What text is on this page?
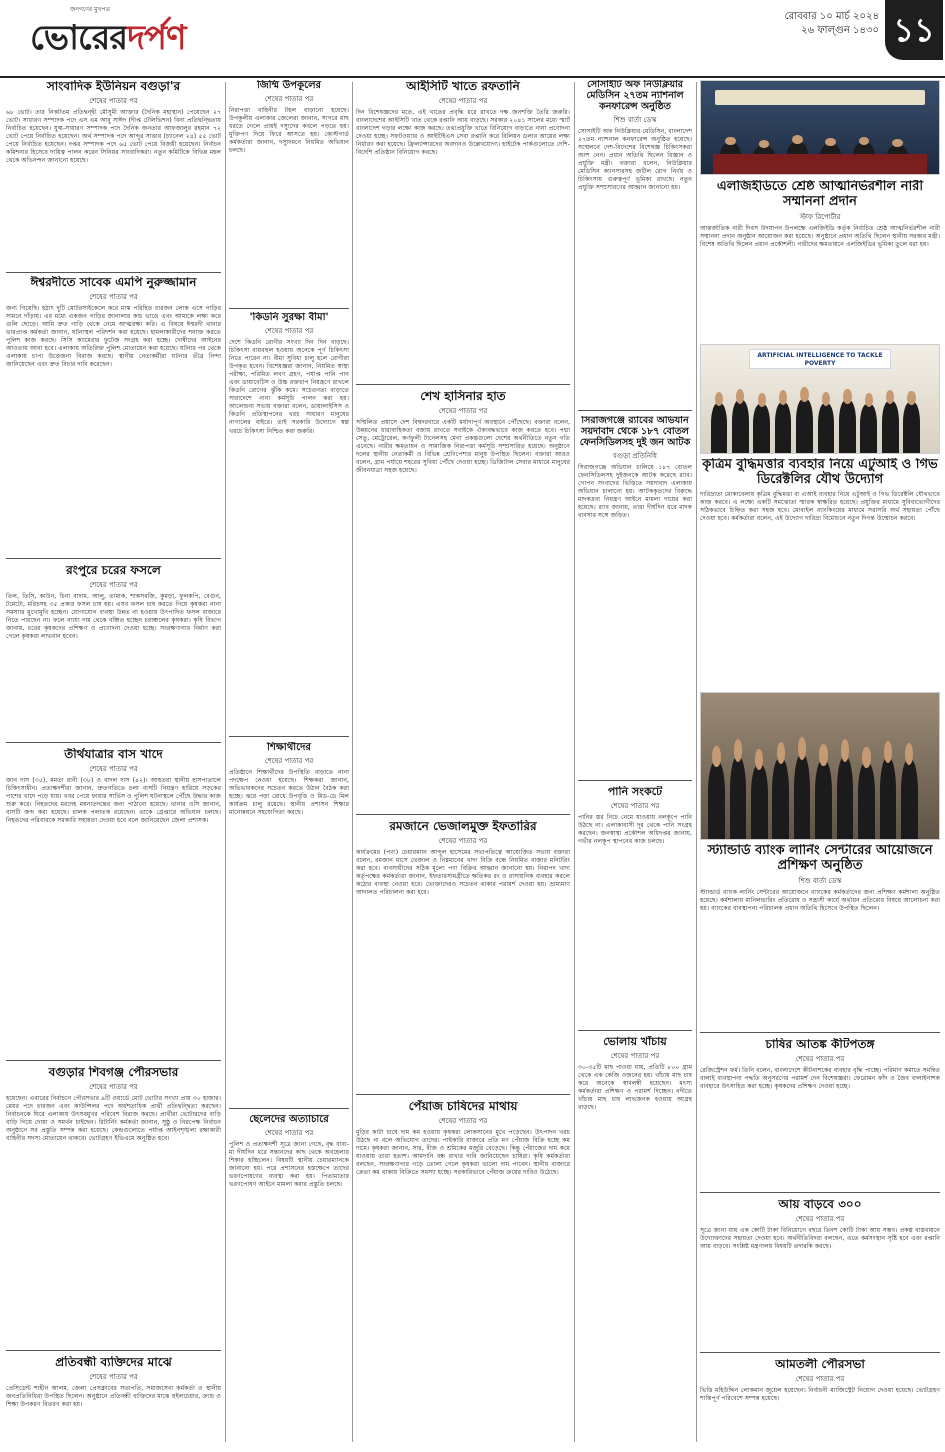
জনগণের মুখপত্র
ভোরেরদর্পণ
রোববার ১০ মার্চ ২০২৪
২৬ ফাল্গুন ১৪৩০ ১১
সাংবাদিক ইউনিয়ন বগুড়া'র
শেষের পাতার পর
৬৮ ভোট। তার নিকটতম প্রতিদ্বন্দ্বী মৌসুমী আক্তার (দৈনিক মহাস্থান) পেয়েছেন ২৭ ভোট। সাধারণ সম্পাদক পদে এস এম আবু সাঈদ (দীপ্ত টেলিভিশন) বিনা প্রতিদ্বন্দ্বিতায় নির্বাচিত হয়েছেন। যুগ্ম-সাধারণ সম্পাদক পদে দৈনিক জনতার আফজালুর রহমান ৭২ ভোট পেয়ে নির্বাচিত হয়েছেন। অর্থ সম্পাদক পদে আব্দুর সাত্তার (চ্যানেল ২৪) ৫৫ ভোট পেয়ে নির্বাচিত হয়েছেন। দপ্তর সম্পাদক পদে ৬৫ ভোট পেয়ে বিজয়ী হয়েছেন। নির্বাচন কমিশনার হিসেবে দায়িত্ব পালন করেন সিনিয়র সাংবাদিকরা। নতুন কমিটিকে বিভিন্ন মহল থেকে অভিনন্দন জানানো হয়েছে।
ঈশ্বরদীতে সাবেক এমপি নুরুজ্জামান
শেষের পাতার পর
জন্য গিয়েছি। হঠাৎ দুটি মোটরসাইকেলে করে মাস্ক পরিহিত চারজন লোক এসে গাড়ির সামনে দাঁড়ায়। এর মধ্যে একজন গাড়ির জানালার কাচ ভাঙে এবং আমাকে লক্ষ্য করে গুলি ছোড়ে। আমি দ্রুত গাড়ি থেকে নেমে আত্মরক্ষা করি। এ বিষয়ে ঈশ্বরদী থানার ভারপ্রাপ্ত কর্মকর্তা জানান, ঘটনাস্থল পরিদর্শন করা হয়েছে। হামলাকারীদের শনাক্ত করতে পুলিশ কাজ করছে। সিসি ক্যামেরার ফুটেজ সংগ্রহ করা হচ্ছে। দোষীদের আইনের আওতায় আনা হবে। এলাকায় অতিরিক্ত পুলিশ মোতায়েন করা হয়েছে। ঘটনার পর থেকে এলাকায় চাপা উত্তেজনা বিরাজ করছে। স্থানীয় নেতাকর্মীরা ঘটনার তীব্র নিন্দা জানিয়েছেন এবং দ্রুত বিচার দাবি করেছেন।
রংপুরে চরের ফসলে
শেষের পাতার পর
তিল, তিসি, কাউন, চিনা বাদাম, আলু, তামাক, শাকসবজি, কুমড়া, ফুলকপি, বেগুন, টমেটো, মরিচসহ ৩৫ প্রকার ফসল চাষ হয়। এসব ফসল চাষ করতে গিয়ে কৃষকরা নানা সমস্যার মুখোমুখি হচ্ছেন। যোগাযোগ ব্যবস্থা উন্নত না হওয়ায় উৎপাদিত ফসল বাজারে নিতে পারছেন না। ফলে ন্যায্য দাম থেকে বঞ্চিত হচ্ছেন চরাঞ্চলের কৃষকরা। কৃষি বিভাগ জানায়, চরের কৃষকদের প্রশিক্ষণ ও প্রণোদনা দেওয়া হচ্ছে। সংরক্ষণাগার নির্মাণ করা গেলে কৃষকরা লাভবান হবেন।
তীর্থযাত্রার বাস খাদে
শেষের পাতার পর
জান দাস (৩৫), মমতা রানী (৩৮) ও বাদল দাস (৪২)। আহতরা স্থানীয় হাসপাতালে চিকিৎসাধীন। প্রত্যক্ষদর্শীরা জানান, দ্রুতগতিতে চলা বাসটি নিয়ন্ত্রণ হারিয়ে সড়কের পাশের খাদে পড়ে যায়। খবর পেয়ে ফায়ার সার্ভিস ও পুলিশ ঘটনাস্থলে পৌঁছে উদ্ধার কাজ শুরু করে। নিহতদের মরদেহ ময়নাতদন্তের জন্য পাঠানো হয়েছে। থানার ওসি জানান, বাসটি জব্দ করা হয়েছে। চালক পলাতক রয়েছেন। তাকে গ্রেপ্তারে অভিযান চলছে। নিহতদের পরিবারকে সরকারি সহায়তা দেওয়া হবে বলে জানিয়েছেন জেলা প্রশাসক।
বগুড়ার শিবগঞ্জ পৌরসভার
শেষের পাতার পর
হয়েছেন। এবারের নির্বাচনে পৌরসভার ৯টি ওয়ার্ডে মোট ভোটার সংখ্যা প্রায় ৩০ হাজার। মেয়র পদে চারজন এবং কাউন্সিলর পদে অর্ধশতাধিক প্রার্থী প্রতিদ্বন্দ্বিতা করছেন। নির্বাচনকে ঘিরে এলাকায় উৎসবমুখর পরিবেশ বিরাজ করছে। প্রার্থীরা ভোটারদের বাড়ি বাড়ি গিয়ে দোয়া ও সমর্থন চাইছেন। রিটার্নিং কর্মকর্তা জানান, সুষ্ঠু ও নিরপেক্ষ নির্বাচন অনুষ্ঠানে সব প্রস্তুতি সম্পন্ন করা হয়েছে। কেন্দ্রগুলোতে পর্যাপ্ত আইনশৃঙ্খলা রক্ষাকারী বাহিনীর সদস্য মোতায়েন থাকবে। ভোটগ্রহণ ইভিএমে অনুষ্ঠিত হবে।
প্রতিবন্ধী ব্যক্তিদের মাঝে
শেষের পাতার পর
প্রেসিডেন্ট শাহীন আলম, জেলা প্রেসক্লাবের সভাপতি, সমাজসেবা কর্মকর্তা ও স্থানীয় জনপ্রতিনিধিরা উপস্থিত ছিলেন। অনুষ্ঠানে প্রতিবন্ধী ব্যক্তিদের মাঝে হুইলচেয়ার, ক্র্যাচ ও শিক্ষা উপকরণ বিতরণ করা হয়।
জিম্মি উপকূলের
শেষের পাতার পর
নিরাপত্তা বাহিনীর টহল বাড়ানো হয়েছে। উপকূলীয় এলাকার জেলেরা জানান, সাগরে মাছ ধরতে গেলে প্রায়ই দস্যুদের কবলে পড়তে হয়। মুক্তিপণ দিয়ে ফিরে আসতে হয়। কোস্টগার্ড কর্মকর্তারা জানান, দস্যুদমনে নিয়মিত অভিযান চলছে।
'কিডনি সুরক্ষা বীমা'
শেষের পাতার পর
দেশে কিডনি রোগীর সংখ্যা দিন দিন বাড়ছে। চিকিৎসা ব্যয়বহুল হওয়ায় অনেকে পূর্ণ চিকিৎসা নিতে পারেন না। বীমা সুবিধা চালু হলে রোগীরা উপকৃত হবেন। বিশেষজ্ঞরা জানান, নিয়মিত স্বাস্থ্য পরীক্ষা, পরিমিত লবণ গ্রহণ, পর্যাপ্ত পানি পান এবং ডায়াবেটিস ও উচ্চ রক্তচাপ নিয়ন্ত্রণে রাখলে কিডনি রোগের ঝুঁকি কমে। সচেতনতা বাড়াতে সারাদেশে নানা কর্মসূচি পালন করা হয়। আলোচনা সভায় বক্তারা বলেন, ডায়ালাইসিস ও কিডনি প্রতিস্থাপনের খরচ সাধারণ মানুষের নাগালের বাইরে। তাই সরকারি উদ্যোগে স্বল্প খরচে চিকিৎসা নিশ্চিত করা জরুরি।
শিক্ষার্থীদের
শেষের পাতার পর
প্রতিষ্ঠানে শিক্ষার্থীদের উপস্থিতি বাড়াতে নানা পদক্ষেপ নেওয়া হয়েছে। শিক্ষকরা জানান, অভিভাবকদের সচেতন করতে উঠান বৈঠক করা হচ্ছে। ঝরে পড়া রোধে উপবৃত্তি ও মিড-ডে মিল কার্যক্রম চালু রয়েছে। স্থানীয় প্রশাসন শিক্ষার মানোন্নয়নে সহযোগিতা করছে।
ছেলেদের অত্যাচারে
শেষের পাতার পর
পুলিশ ও প্রত্যক্ষদর্শী সূত্রে জানা গেছে, বৃদ্ধ বাবা-মা দীর্ঘদিন ধরে সন্তানদের কাছ থেকে অবহেলার শিকার হচ্ছিলেন। বিষয়টি স্থানীয় চেয়ারম্যানকে জানানো হয়। পরে প্রশাসনের হস্তক্ষেপে তাদের ভরণপোষণের ব্যবস্থা করা হয়। পিতামাতার ভরণপোষণ আইনে মামলা করার প্রস্তুতি চলছে।
আইসিটি খাতে রফতানি
শেষের পাতার পর
দিন বিশেষজ্ঞদের মতে, এই খাতের প্রবৃদ্ধি ধরে রাখতে দক্ষ জনশক্তি তৈরি জরুরি। বাংলাদেশের আইসিটি খাত থেকে রপ্তানি আয় বাড়ছে। সরকার ২০৪১ সালের মধ্যে স্মার্ট বাংলাদেশ গড়ার লক্ষ্যে কাজ করছে। তথ্যপ্রযুক্তি খাতে বিনিয়োগ বাড়াতে নানা প্রণোদনা দেওয়া হচ্ছে। সফটওয়্যার ও আইটিইএস সেবা রপ্তানি করে বিলিয়ন ডলার আয়ের লক্ষ্য নির্ধারণ করা হয়েছে। ফ্রিল্যান্সারদের অবদানও উল্লেখযোগ্য। হাইটেক পার্কগুলোতে দেশি-বিদেশি প্রতিষ্ঠান বিনিয়োগ করছে।
শেখ হাসিনার হাত
শেষের পাতার পর
সম্মিলিত প্রয়াসে দেশ বিশ্বদরবারে একটি মর্যাদাপূর্ণ অবস্থানে পৌঁছেছে। বক্তারা বলেন, উন্নয়নের ধারাবাহিকতা বজায় রাখতে সবাইকে ঐক্যবদ্ধভাবে কাজ করতে হবে। পদ্মা সেতু, মেট্রোরেল, কর্ণফুলী টানেলসহ মেগা প্রকল্পগুলো দেশের অর্থনীতিতে নতুন গতি এনেছে। নারীর ক্ষমতায়ন ও সামাজিক নিরাপত্তা কর্মসূচি সম্প্রসারিত হয়েছে। অনুষ্ঠানে দলের স্থানীয় নেতাকর্মী ও বিভিন্ন শ্রেণিপেশার মানুষ উপস্থিত ছিলেন। বক্তারা আরও বলেন, গ্রাম পর্যায়ে শহরের সুবিধা পৌঁছে দেওয়া হচ্ছে। ডিজিটাল সেবার মাধ্যমে মানুষের জীবনযাত্রা সহজ হয়েছে।
রমজানে ভেজালমুক্ত ইফতারির
শেষের পাতার পর
কার্যক্রমের (পণ্য) চেয়ারম্যান আব্দুল হাসেমের সভাপতিত্বে আয়োজিত সভায় বক্তারা বলেন, রমজান মাসে ভেজাল ও নিম্নমানের খাদ্য বিক্রি বন্ধে নিয়মিত বাজার মনিটরিং করা হবে। ব্যবসায়ীদের সঠিক মূল্যে পণ্য বিক্রির আহ্বান জানানো হয়। নিরাপদ খাদ্য কর্তৃপক্ষের কর্মকর্তারা জানান, ইফতারসামগ্রীতে ক্ষতিকর রং ও রাসায়নিক ব্যবহার করলে কঠোর ব্যবস্থা নেওয়া হবে। ভোক্তাদেরও সচেতন থাকার পরামর্শ দেওয়া হয়। ভ্রাম্যমাণ আদালত পরিচালনা করা হবে।
পেঁয়াজ চাষিদের মাথায়
শেষের পাতার পর
মুড়ির কাটা চাষে দাম কম হওয়ায় কৃষকরা লোকসানের মুখে পড়েছেন। উৎপাদন খরচ উঠছে না বলে অভিযোগ তাদের। পাইকারি বাজারে প্রতি মণ পেঁয়াজ বিক্রি হচ্ছে কম দামে। কৃষকরা জানান, সার, বীজ ও শ্রমিকের মজুরি বেড়েছে। কিন্তু পেঁয়াজের দাম কমে যাওয়ায় তারা হতাশ। আমদানি বন্ধ রাখার দাবি জানিয়েছেন চাষিরা। কৃষি কর্মকর্তারা বলছেন, সংরক্ষণাগার গড়ে তোলা গেলে কৃষকরা ভালো দাম পাবেন। স্থানীয় বাজারে ক্রেতা কম থাকায় বিক্রিতে সমস্যা হচ্ছে। সরকারিভাবে পেঁয়াজ ক্রয়ের দাবিও উঠেছে।
সোসাইটি অফ নিউক্লিয়ার মেডিসিন ২৭তম ন্যাশনাল কনফারেন্স অনুষ্ঠিত
শিশু বার্তা ডেস্ক
সোসাইটি অফ নিউক্লিয়ার মেডিসিন, বাংলাদেশ ২৭তম ন্যাশনাল কনফারেন্স অনুষ্ঠিত হয়েছে। সম্মেলনে দেশ-বিদেশের বিশেষজ্ঞ চিকিৎসকরা অংশ নেন। প্রধান অতিথি ছিলেন বিজ্ঞান ও প্রযুক্তি মন্ত্রী। বক্তারা বলেন, নিউক্লিয়ার মেডিসিন ক্যানসারসহ জটিল রোগ নির্ণয় ও চিকিৎসায় গুরুত্বপূর্ণ ভূমিকা রাখছে। নতুন প্রযুক্তি সম্প্রসারণের আহ্বান জানানো হয়।
সিরাজগঞ্জে র‍্যাবের অভিযান সয়দাবাদ থেকে ১৮৭ বোতল ফেনসিডিলসহ দুই জন আটক
বগুড়া প্রতিনিধি
সিরাজগঞ্জে অভিযান চালিয়ে ১৮৭ বোতল ফেনসিডিলসহ দুইজনকে আটক করেছে র‍্যাব। গোপন সংবাদের ভিত্তিতে সয়দাবাদ এলাকায় অভিযান চালানো হয়। আটককৃতদের বিরুদ্ধে মাদকদ্রব্য নিয়ন্ত্রণ আইনে মামলা দায়ের করা হয়েছে। র‍্যাব জানায়, তারা দীর্ঘদিন ধরে মাদক ব্যবসার সঙ্গে জড়িত।
পানি সংকটে
শেষের পাতার পর
পানির স্তর নিচে নেমে যাওয়ায় নলকূপে পানি উঠছে না। এলাকাবাসী দূর থেকে পানি সংগ্রহ করছেন। জনস্বাস্থ্য প্রকৌশল অধিদপ্তর জানায়, গভীর নলকূপ স্থাপনের কাজ চলছে।
ভোলায় খাঁচায়
শেষের পাতার পর
৩০-৩৫টি মাছ পাওয়া যায়, প্রতিটি ৮০০ গ্রাম থেকে এক কেজি ওজনের হয়। খাঁচায় মাছ চাষ করে অনেকে স্বাবলম্বী হয়েছেন। মৎস্য কর্মকর্তারা প্রশিক্ষণ ও পরামর্শ দিচ্ছেন। নদীতে খাঁচায় মাছ চাষ লাভজনক হওয়ায় আগ্রহ বাড়ছে।
এলজিইডিতে শ্রেষ্ঠ আত্মনির্ভরশীল নারী সম্মাননা প্রদান
স্টাফ রিপোর্টার
আন্তর্জাতিক নারী দিবস উদযাপন উপলক্ষে এলজিইডি কর্তৃক নির্বাচিত শ্রেষ্ঠ আত্মনির্ভরশীল নারী সম্মাননা প্রদান অনুষ্ঠান আয়োজন করা হয়েছে। অনুষ্ঠানে প্রধান অতিথি ছিলেন স্থানীয় সরকার মন্ত্রী। বিশেষ অতিথি ছিলেন প্রধান প্রকৌশলী। নারীদের ক্ষমতায়নে এলজিইডির ভূমিকা তুলে ধরা হয়।
ARTIFICIAL INTELLIGENCE TO TACKLE POVERTY
কৃত্রিম বুদ্ধিমত্তার ব্যবহার নিয়ে এটুআই ও গিভ ডিরেক্টলির যৌথ উদ্যোগ
দারিদ্র্যতা মোকাবেলায় কৃত্রিম বুদ্ধিমত্তা বা এআই ব্যবহার নিয়ে এটুআই ও গিভ ডিরেক্টলি যৌথভাবে কাজ করবে। এ লক্ষ্যে একটি সমঝোতা স্মারক স্বাক্ষরিত হয়েছে। প্রযুক্তির মাধ্যমে সুবিধাভোগীদের সঠিকভাবে চিহ্নিত করা সহজ হবে। মোবাইল ব্যাংকিংয়ের মাধ্যমে সরাসরি অর্থ সহায়তা পৌঁছে দেওয়া হবে। কর্মকর্তারা বলেন, এই উদ্যোগ দারিদ্র্য বিমোচনে নতুন দিগন্ত উন্মোচন করবে।
স্ট্যান্ডার্ড ব্যাংক লার্নিং সেন্টারের আয়োজনে প্রশিক্ষণ অনুষ্ঠিত
শিশু বার্তা ডেস্ক
স্ট্যান্ডার্ড ব্যাংক লার্নিং সেন্টারের আয়োজনে ব্যাংকের কর্মকর্তাদের জন্য প্রশিক্ষণ কর্মশালা অনুষ্ঠিত হয়েছে। কর্মশালায় মানিলন্ডারিং প্রতিরোধ ও সন্ত্রাসী কার্যে অর্থায়ন প্রতিরোধ বিষয়ে আলোচনা করা হয়। ব্যাংকের ব্যবস্থাপনা পরিচালক প্রধান অতিথি হিসেবে উপস্থিত ছিলেন।
চাষির আতঙ্ক কীটপতঙ্গ
শেষের পাতার পর
রেজিস্ট্রেশন ফর্ম। তিনি বলেন, বাংলাদেশে কীটনাশকের ব্যবহার বৃদ্ধি পাচ্ছে। পরিমাণ কমাতে সমন্বিত বালাই ব্যবস্থাপনা পদ্ধতি অনুসরণের পরামর্শ দেন বিশেষজ্ঞরা। ফেরোমন ফাঁদ ও জৈব বালাইনাশক ব্যবহারে উৎসাহিত করা হচ্ছে। কৃষকদের প্রশিক্ষণ দেওয়া হচ্ছে।
আয় বাড়বে ৩০০
শেষের পাতার পর
সূত্রে জানা যায় এক কোটি টাকা বিনিয়োগে বছরে তিনশ কোটি টাকা আয় সম্ভব। প্রকল্প বাস্তবায়নে উদ্যোক্তাদের সহায়তা দেওয়া হবে। অর্থনীতিবিদরা বলছেন, এতে কর্মসংস্থান সৃষ্টি হবে এবং রপ্তানি আয় বাড়বে। সংশ্লিষ্ট মন্ত্রণালয় বিষয়টি তদারকি করছে।
আমতলী পৌরসভা
শেষের পাতার পর
ভিত্তি মহিউদ্দিন লোকমান জুয়েল হয়েছেন। নির্বাচনী ম্যাজিস্ট্রেট নিয়োগ দেওয়া হয়েছে। ভোটগ্রহণ শান্তিপূর্ণ পরিবেশে সম্পন্ন হয়েছে।
